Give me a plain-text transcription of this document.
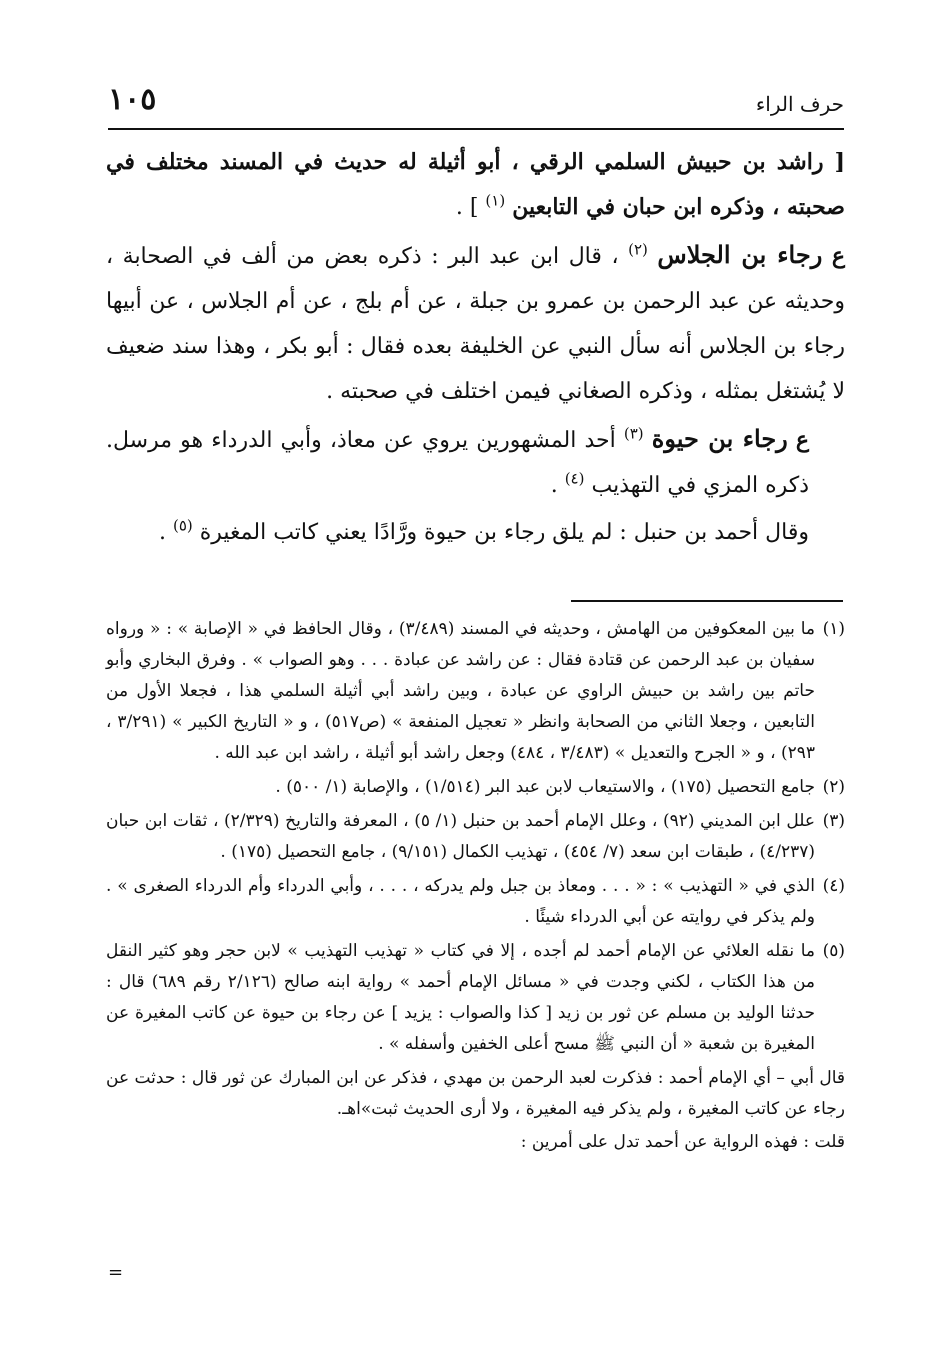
حرف الراء
١٠٥

[ راشد بن حبيش السلمي الرقي ، أبو أثيلة له حديث في المسند مختلف في صحبته ، وذكره ابن حبان في التابعين $^{(١)}$ ] .

ع رجاء بن الجلاس $^{(٢)}$ ، قال ابن عبد البر : ذكره بعض من ألف في الصحابة ، وحديثه عن عبد الرحمن بن عمرو بن جبلة ، عن أم بلج ، عن أم الجلاس ، عن أبيها رجاء بن الجلاس أنه سأل النبي عن الخليفة بعده فقال : أبو بكر ، وهذا سند ضعيف لا يُشتغل بمثله ، وذكره الصغاني فيمن اختلف في صحبته .

ع رجاء بن حيوة $^{(٣)}$ أحد المشهورين يروي عن معاذ، وأبي الدرداء هو مرسل. ذكره المزي في التهذيب $^{(٤)}$ .

وقال أحمد بن حنبل : لم يلق رجاء بن حيوة ورَّادًا يعني كاتب المغيرة $^{(٥)}$ .

(١)ما بين المعكوفين من الهامش ، وحديثه في المسند (٣/٤٨٩) ، وقال الحافظ في « الإصابة » : « ورواه سفيان بن عبد الرحمن عن قتادة فقال : عن راشد عن عبادة . . . وهو الصواب » . وفرق البخاري وأبو حاتم بين راشد بن حبيش الراوي عن عبادة ، وبين راشد أبي أثيلة السلمي هذا ، فجعلا الأول من التابعين ، وجعلا الثاني من الصحابة وانظر « تعجيل المنفعة » (ص٥١٧) ، و « التاريخ الكبير » (٣/٢٩١ ، ٢٩٣) ، و « الجرح والتعديل » (٣/٤٨٣ ، ٤٨٤) وجعل راشد أبو أثيلة ، راشد ابن عبد الله .

(٢)جامع التحصيل (١٧٥) ، والاستيعاب لابن عبد البر (١/٥١٤) ، والإصابة (١/ ٥٠٠) .

(٣)علل ابن المديني (٩٢) ، وعلل الإمام أحمد بن حنبل (١/ ٥) ، المعرفة والتاريخ (٢/٣٢٩) ، ثقات ابن حبان (٤/٢٣٧) ، طبقات ابن سعد (٧/ ٤٥٤) ، تهذيب الكمال (٩/١٥١) ، جامع التحصيل (١٧٥) .

(٤)الذي في « التهذيب » : « . . . ومعاذ بن جبل ولم يدركه ، . . . ، وأبي الدرداء وأم الدرداء الصغرى » . ولم يذكر في روايته عن أبي الدرداء شيئًا .

(٥)ما نقله العلائي عن الإمام أحمد لم أجده ، إلا في كتاب « تهذيب التهذيب » لابن حجر وهو كثير النقل من هذا الكتاب ، لكني وجدت في « مسائل الإمام أحمد » رواية ابنه صالح (٢/١٢٦ رقم ٦٨٩) قال : حدثنا الوليد بن مسلم عن ثور بن زيد [ كذا والصواب : يزيد ] عن رجاء بن حيوة عن كاتب المغيرة عن المغيرة بن شعبة « أن النبي ﷺ مسح أعلى الخفين وأسفله » .

قال أبي – أي الإمام أحمد : فذكرت لعبد الرحمن بن مهدي ، فذكر عن ابن المبارك عن ثور قال : حدثت عن رجاء عن كاتب المغيرة ، ولم يذكر فيه المغيرة ، ولا أرى الحديث ثبت»اهـ.

قلت : فهذه الرواية عن أحمد تدل على أمرين :

=
